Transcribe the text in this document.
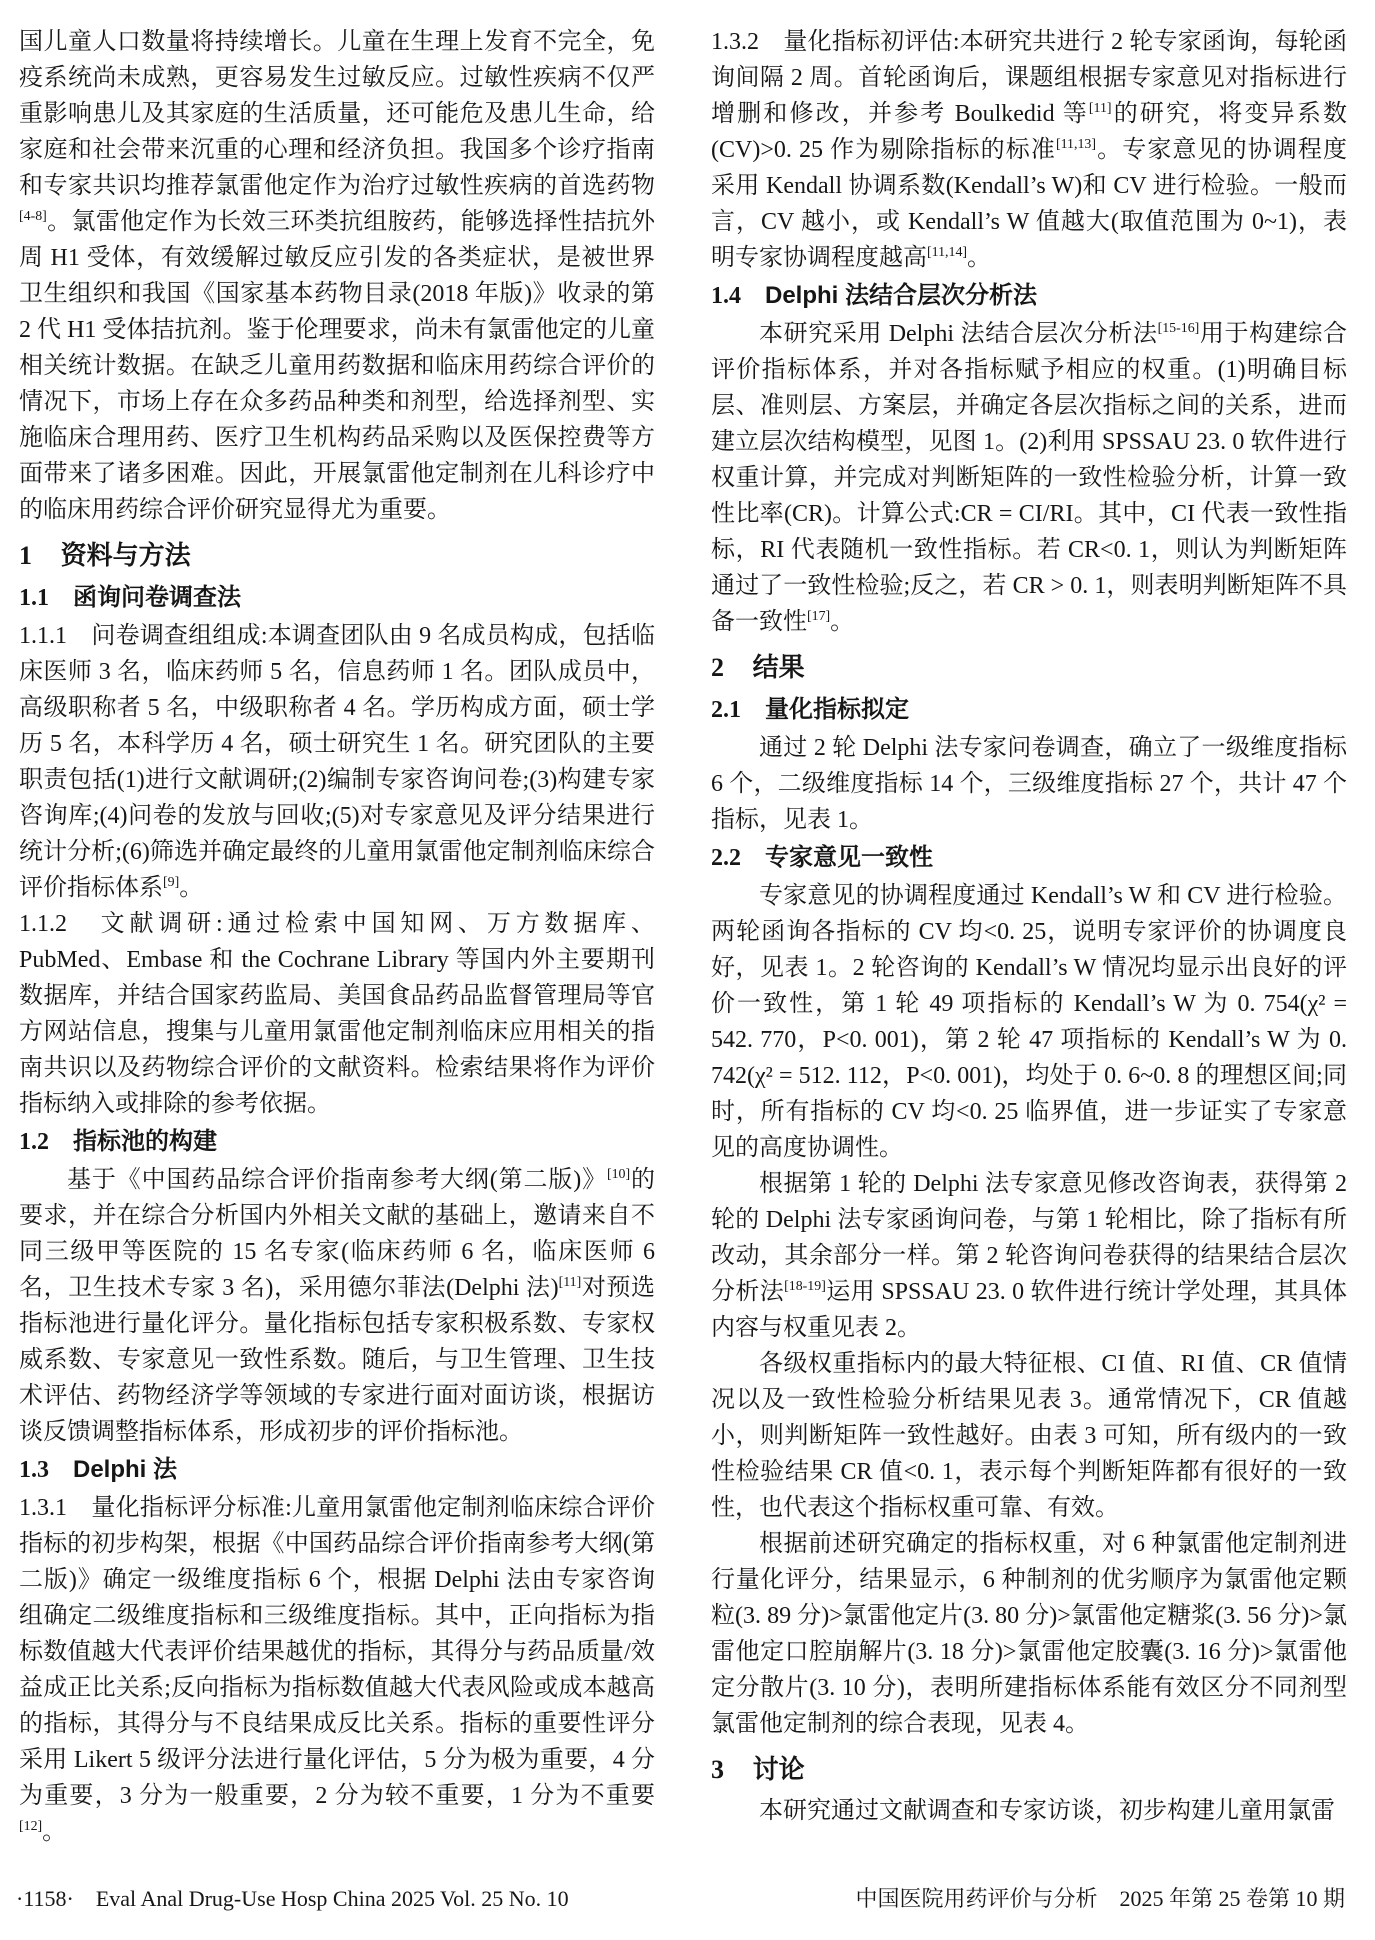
国儿童人口数量将持续增长。儿童在生理上发育不完全，免疫系统尚未成熟，更容易发生过敏反应。过敏性疾病不仅严重影响患儿及其家庭的生活质量，还可能危及患儿生命，给家庭和社会带来沉重的心理和经济负担。我国多个诊疗指南和专家共识均推荐氯雷他定作为治疗过敏性疾病的首选药物[4-8]。氯雷他定作为长效三环类抗组胺药，能够选择性拮抗外周 H1 受体，有效缓解过敏反应引发的各类症状，是被世界卫生组织和我国《国家基本药物目录(2018 年版)》收录的第 2 代 H1 受体拮抗剂。鉴于伦理要求，尚未有氯雷他定的儿童相关统计数据。在缺乏儿童用药数据和临床用药综合评价的情况下，市场上存在众多药品种类和剂型，给选择剂型、实施临床合理用药、医疗卫生机构药品采购以及医保控费等方面带来了诸多困难。因此，开展氯雷他定制剂在儿科诊疗中的临床用药综合评价研究显得尤为重要。

1 资料与方法
1.1 函询问卷调查法

1.1.1　问卷调查组组成:本调查团队由 9 名成员构成，包括临床医师 3 名，临床药师 5 名，信息药师 1 名。团队成员中，高级职称者 5 名，中级职称者 4 名。学历构成方面，硕士学历 5 名，本科学历 4 名，硕士研究生 1 名。研究团队的主要职责包括(1)进行文献调研;(2)编制专家咨询问卷;(3)构建专家咨询库;(4)问卷的发放与回收;(5)对专家意见及评分结果进行统计分析;(6)筛选并确定最终的儿童用氯雷他定制剂临床综合评价指标体系[9]。

1.1.2　文献调研:通过检索中国知网、万方数据库、PubMed、Embase 和 the Cochrane Library 等国内外主要期刊数据库，并结合国家药监局、美国食品药品监督管理局等官方网站信息，搜集与儿童用氯雷他定制剂临床应用相关的指南共识以及药物综合评价的文献资料。检索结果将作为评价指标纳入或排除的参考依据。

1.2 指标池的构建

基于《中国药品综合评价指南参考大纲(第二版)》[10]的要求，并在综合分析国内外相关文献的基础上，邀请来自不同三级甲等医院的 15 名专家(临床药师 6 名，临床医师 6 名，卫生技术专家 3 名)，采用德尔菲法(Delphi 法)[11]对预选指标池进行量化评分。量化指标包括专家积极系数、专家权威系数、专家意见一致性系数。随后，与卫生管理、卫生技术评估、药物经济学等领域的专家进行面对面访谈，根据访谈反馈调整指标体系，形成初步的评价指标池。

1.3 Delphi 法

1.3.1　量化指标评分标准:儿童用氯雷他定制剂临床综合评价指标的初步构架，根据《中国药品综合评价指南参考大纲(第二版)》确定一级维度指标 6 个，根据 Delphi 法由专家咨询组确定二级维度指标和三级维度指标。其中，正向指标为指标数值越大代表评价结果越优的指标，其得分与药品质量/效益成正比关系;反向指标为指标数值越大代表风险或成本越高的指标，其得分与不良结果成反比关系。指标的重要性评分采用 Likert 5 级评分法进行量化评估，5 分为极为重要，4 分为重要，3 分为一般重要，2 分为较不重要，1 分为不重要[12]。

1.3.2　量化指标初评估:本研究共进行 2 轮专家函询，每轮函询间隔 2 周。首轮函询后，课题组根据专家意见对指标进行增删和修改，并参考 Boulkedid 等[11]的研究，将变异系数(CV)>0. 25 作为剔除指标的标准[11,13]。专家意见的协调程度采用 Kendall 协调系数(Kendall’s W)和 CV 进行检验。一般而言，CV 越小，或 Kendall’s W 值越大(取值范围为 0~1)，表明专家协调程度越高[11,14]。

1.4 Delphi 法结合层次分析法

本研究采用 Delphi 法结合层次分析法[15-16]用于构建综合评价指标体系，并对各指标赋予相应的权重。(1)明确目标层、准则层、方案层，并确定各层次指标之间的关系，进而建立层次结构模型，见图 1。(2)利用 SPSSAU 23. 0 软件进行权重计算，并完成对判断矩阵的一致性检验分析，计算一致性比率(CR)。计算公式:CR = CI/RI。其中，CI 代表一致性指标，RI 代表随机一致性指标。若 CR<0. 1，则认为判断矩阵通过了一致性检验;反之，若 CR > 0. 1，则表明判断矩阵不具备一致性[17]。

2 结果
2.1 量化指标拟定

通过 2 轮 Delphi 法专家问卷调查，确立了一级维度指标 6 个，二级维度指标 14 个，三级维度指标 27 个，共计 47 个指标，见表 1。

2.2 专家意见一致性

专家意见的协调程度通过 Kendall’s W 和 CV 进行检验。两轮函询各指标的 CV 均<0. 25，说明专家评价的协调度良好，见表 1。2 轮咨询的 Kendall’s W 情况均显示出良好的评价一致性，第 1 轮 49 项指标的 Kendall’s W 为 0. 754(χ² = 542. 770，P<0. 001)，第 2 轮 47 项指标的 Kendall’s W 为 0. 742(χ² = 512. 112，P<0. 001)，均处于 0. 6~0. 8 的理想区间;同时，所有指标的 CV 均<0. 25 临界值，进一步证实了专家意见的高度协调性。

根据第 1 轮的 Delphi 法专家意见修改咨询表，获得第 2 轮的 Delphi 法专家函询问卷，与第 1 轮相比，除了指标有所改动，其余部分一样。第 2 轮咨询问卷获得的结果结合层次分析法[18-19]运用 SPSSAU 23. 0 软件进行统计学处理，其具体内容与权重见表 2。

各级权重指标内的最大特征根、CI 值、RI 值、CR 值情况以及一致性检验分析结果见表 3。通常情况下，CR 值越小，则判断矩阵一致性越好。由表 3 可知，所有级内的一致性检验结果 CR 值<0. 1，表示每个判断矩阵都有很好的一致性，也代表这个指标权重可靠、有效。

根据前述研究确定的指标权重，对 6 种氯雷他定制剂进行量化评分，结果显示，6 种制剂的优劣顺序为氯雷他定颗粒(3. 89 分)>氯雷他定片(3. 80 分)>氯雷他定糖浆(3. 56 分)>氯雷他定口腔崩解片(3. 18 分)>氯雷他定胶囊(3. 16 分)>氯雷他定分散片(3. 10 分)，表明所建指标体系能有效区分不同剂型氯雷他定制剂的综合表现，见表 4。

3 讨论

本研究通过文献调查和专家访谈，初步构建儿童用氯雷

·1158·　Eval Anal Drug-Use Hosp China 2025 Vol. 25 No. 10	中国医院用药评价与分析　2025 年第 25 卷第 10 期
